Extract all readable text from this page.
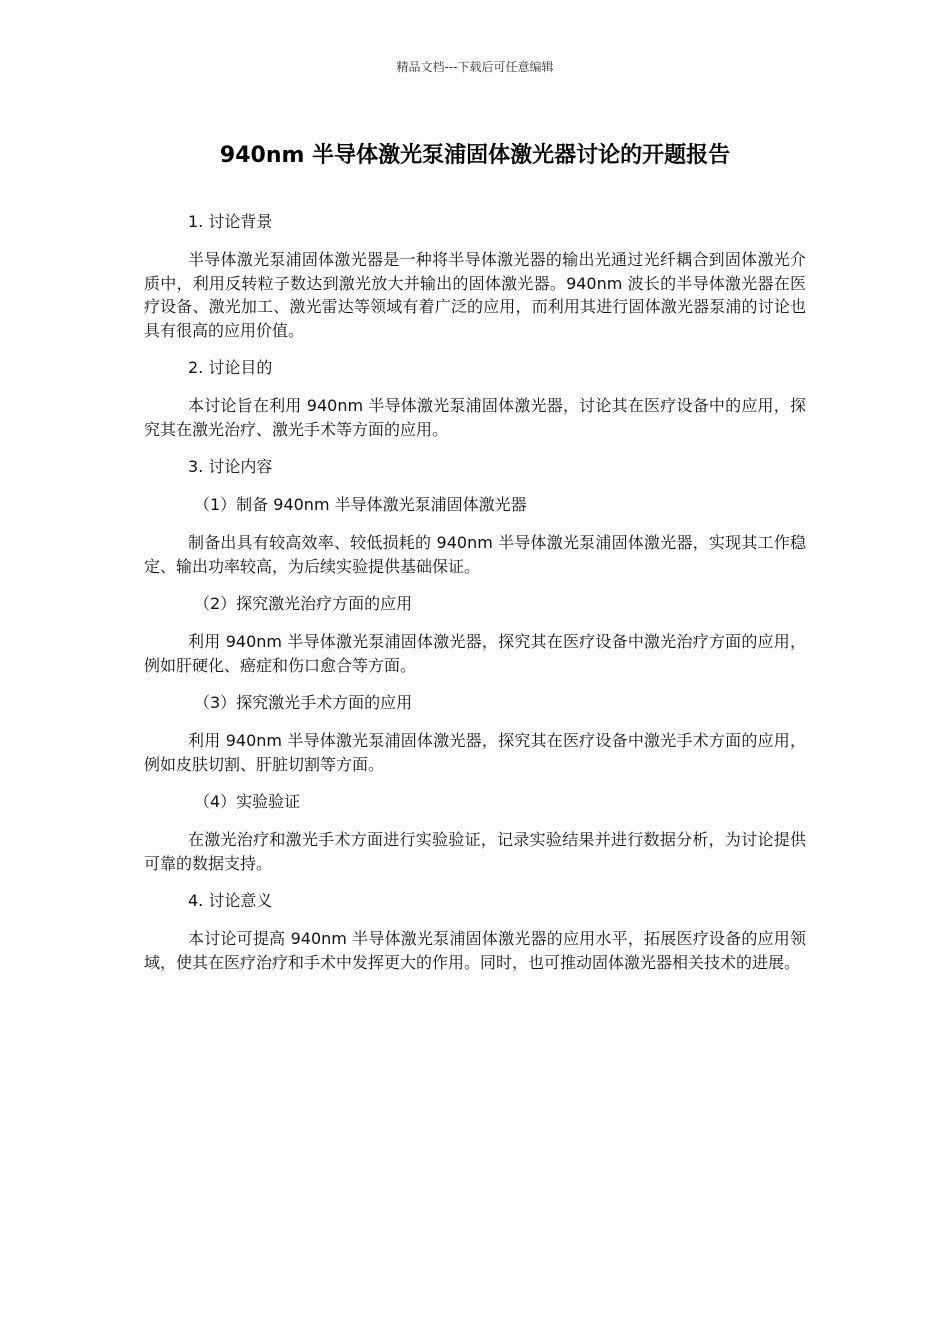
精品文档---下载后可任意编辑
940nm 半导体激光泵浦固体激光器讨论的开题报告

1. 讨论背景

半导体激光泵浦固体激光器是一种将半导体激光器的输出光通过光纤耦合到固体激光介质中，利用反转粒子数达到激光放大并输出的固体激光器。940nm 波长的半导体激光器在医疗设备、激光加工、激光雷达等领域有着广泛的应用，而利用其进行固体激光器泵浦的讨论也具有很高的应用价值。

2. 讨论目的

本讨论旨在利用 940nm 半导体激光泵浦固体激光器，讨论其在医疗设备中的应用，探究其在激光治疗、激光手术等方面的应用。

3. 讨论内容

（1）制备 940nm 半导体激光泵浦固体激光器

制备出具有较高效率、较低损耗的 940nm 半导体激光泵浦固体激光器，实现其工作稳定、输出功率较高，为后续实验提供基础保证。

（2）探究激光治疗方面的应用

利用 940nm 半导体激光泵浦固体激光器，探究其在医疗设备中激光治疗方面的应用，例如肝硬化、癌症和伤口愈合等方面。

（3）探究激光手术方面的应用

利用 940nm 半导体激光泵浦固体激光器，探究其在医疗设备中激光手术方面的应用，例如皮肤切割、肝脏切割等方面。

（4）实验验证

在激光治疗和激光手术方面进行实验验证，记录实验结果并进行数据分析，为讨论提供可靠的数据支持。

4. 讨论意义

本讨论可提高 940nm 半导体激光泵浦固体激光器的应用水平，拓展医疗设备的应用领域，使其在医疗治疗和手术中发挥更大的作用。同时，也可推动固体激光器相关技术的进展。
